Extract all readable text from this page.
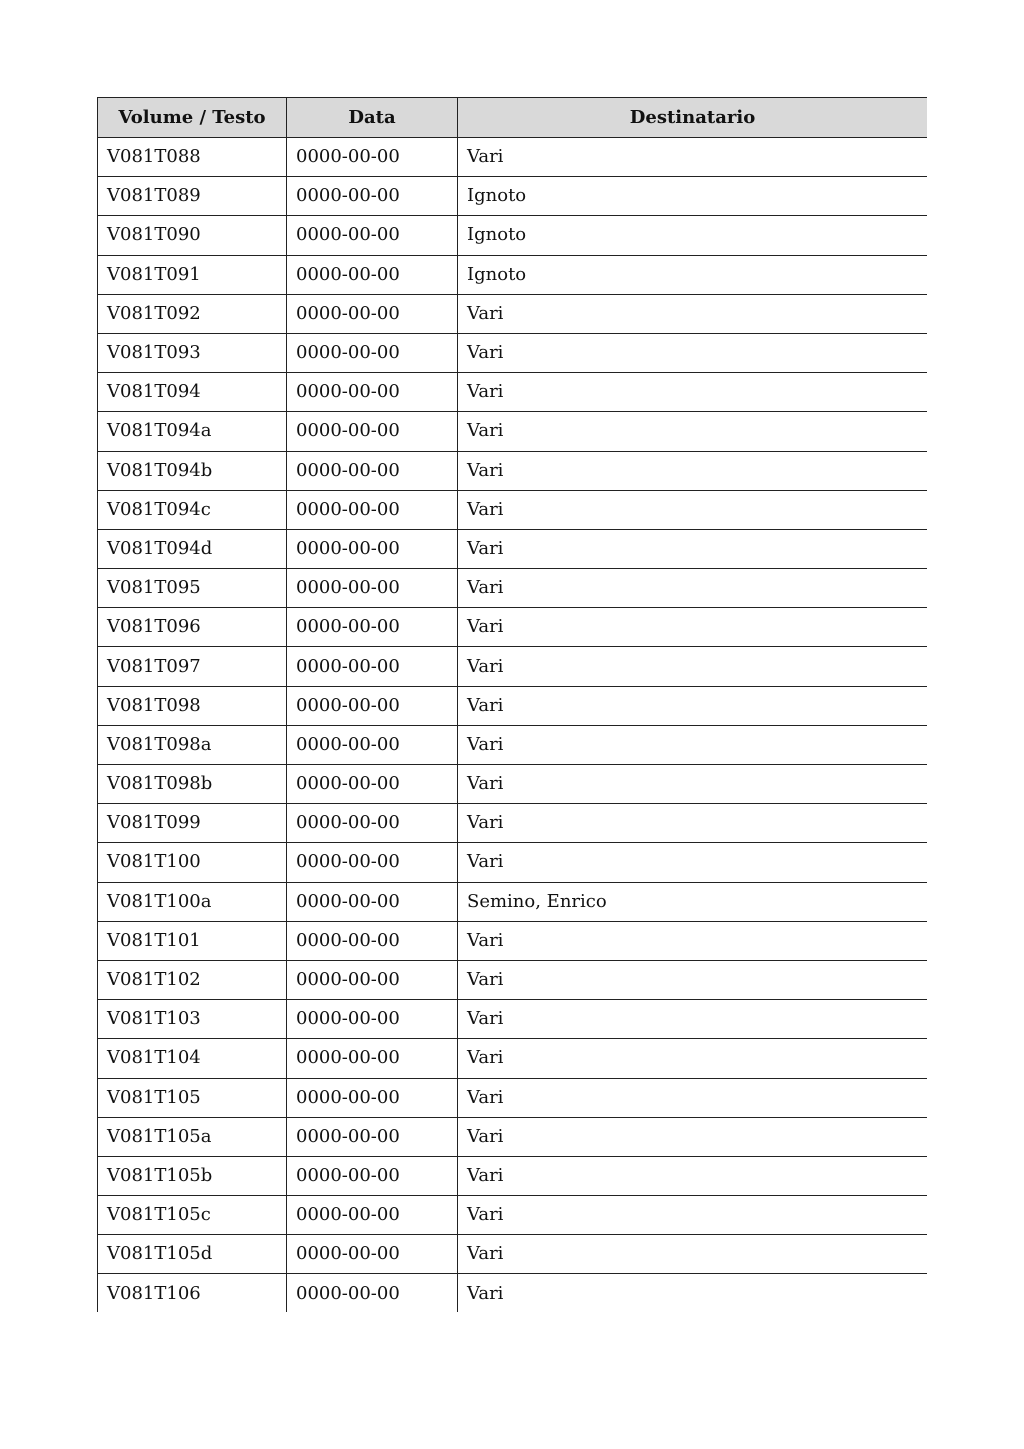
Volume / Testo	Data	Destinatario
V081T088	0000-00-00	Vari
V081T089	0000-00-00	Ignoto
V081T090	0000-00-00	Ignoto
V081T091	0000-00-00	Ignoto
V081T092	0000-00-00	Vari
V081T093	0000-00-00	Vari
V081T094	0000-00-00	Vari
V081T094a	0000-00-00	Vari
V081T094b	0000-00-00	Vari
V081T094c	0000-00-00	Vari
V081T094d	0000-00-00	Vari
V081T095	0000-00-00	Vari
V081T096	0000-00-00	Vari
V081T097	0000-00-00	Vari
V081T098	0000-00-00	Vari
V081T098a	0000-00-00	Vari
V081T098b	0000-00-00	Vari
V081T099	0000-00-00	Vari
V081T100	0000-00-00	Vari
V081T100a	0000-00-00	Semino, Enrico
V081T101	0000-00-00	Vari
V081T102	0000-00-00	Vari
V081T103	0000-00-00	Vari
V081T104	0000-00-00	Vari
V081T105	0000-00-00	Vari
V081T105a	0000-00-00	Vari
V081T105b	0000-00-00	Vari
V081T105c	0000-00-00	Vari
V081T105d	0000-00-00	Vari
V081T106	0000-00-00	Vari
